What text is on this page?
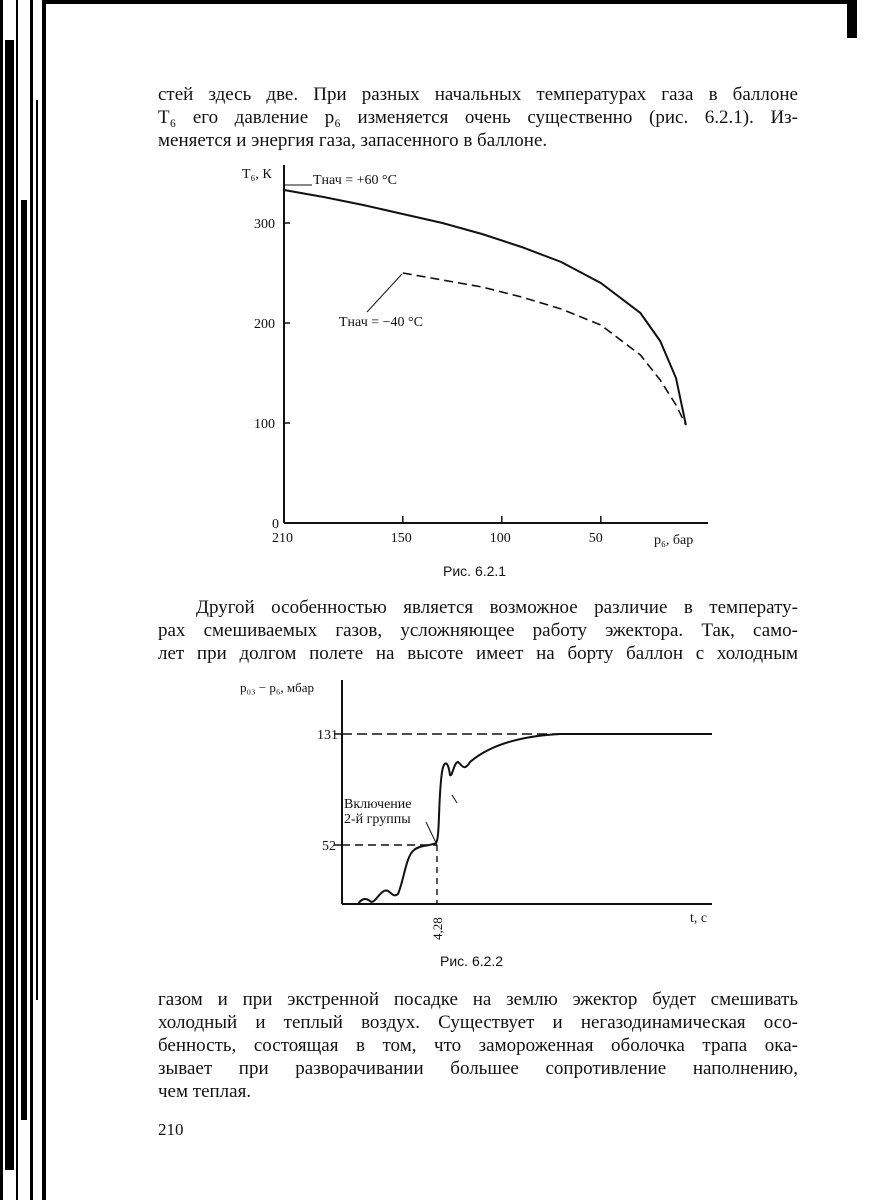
стей здесь две. При разных начальных температурах газа в баллоне
T₆ его давление p₆ изменяется очень существенно (рис. 6.2.1). Из-
меняется и энергия газа, запасенного в баллоне.

210	150	100	50
0
100
200
300
T₆, К
p₆, бар
Tнач = +60 °C
Tнач = −40 °C
Рис. 6.2.1

Другой особенностью является возможное различие в температу-
рах смешиваемых газов, усложняющее работу эжектора. Так, само-
лет при долгом полете на высоте имеет на борту баллон с холодным

p₀₃ − p₆, мбар
131
52
Включение
2-й группы
4,28	t, с
Рис. 6.2.2

газом и при экстренной посадке на землю эжектор будет смешивать
холодный и теплый воздух. Существует и негазодинамическая осо-
бенность, состоящая в том, что замороженная оболочка трапа ока-
зывает при разворачивании большее сопротивление наполнению,
чем теплая.

210
